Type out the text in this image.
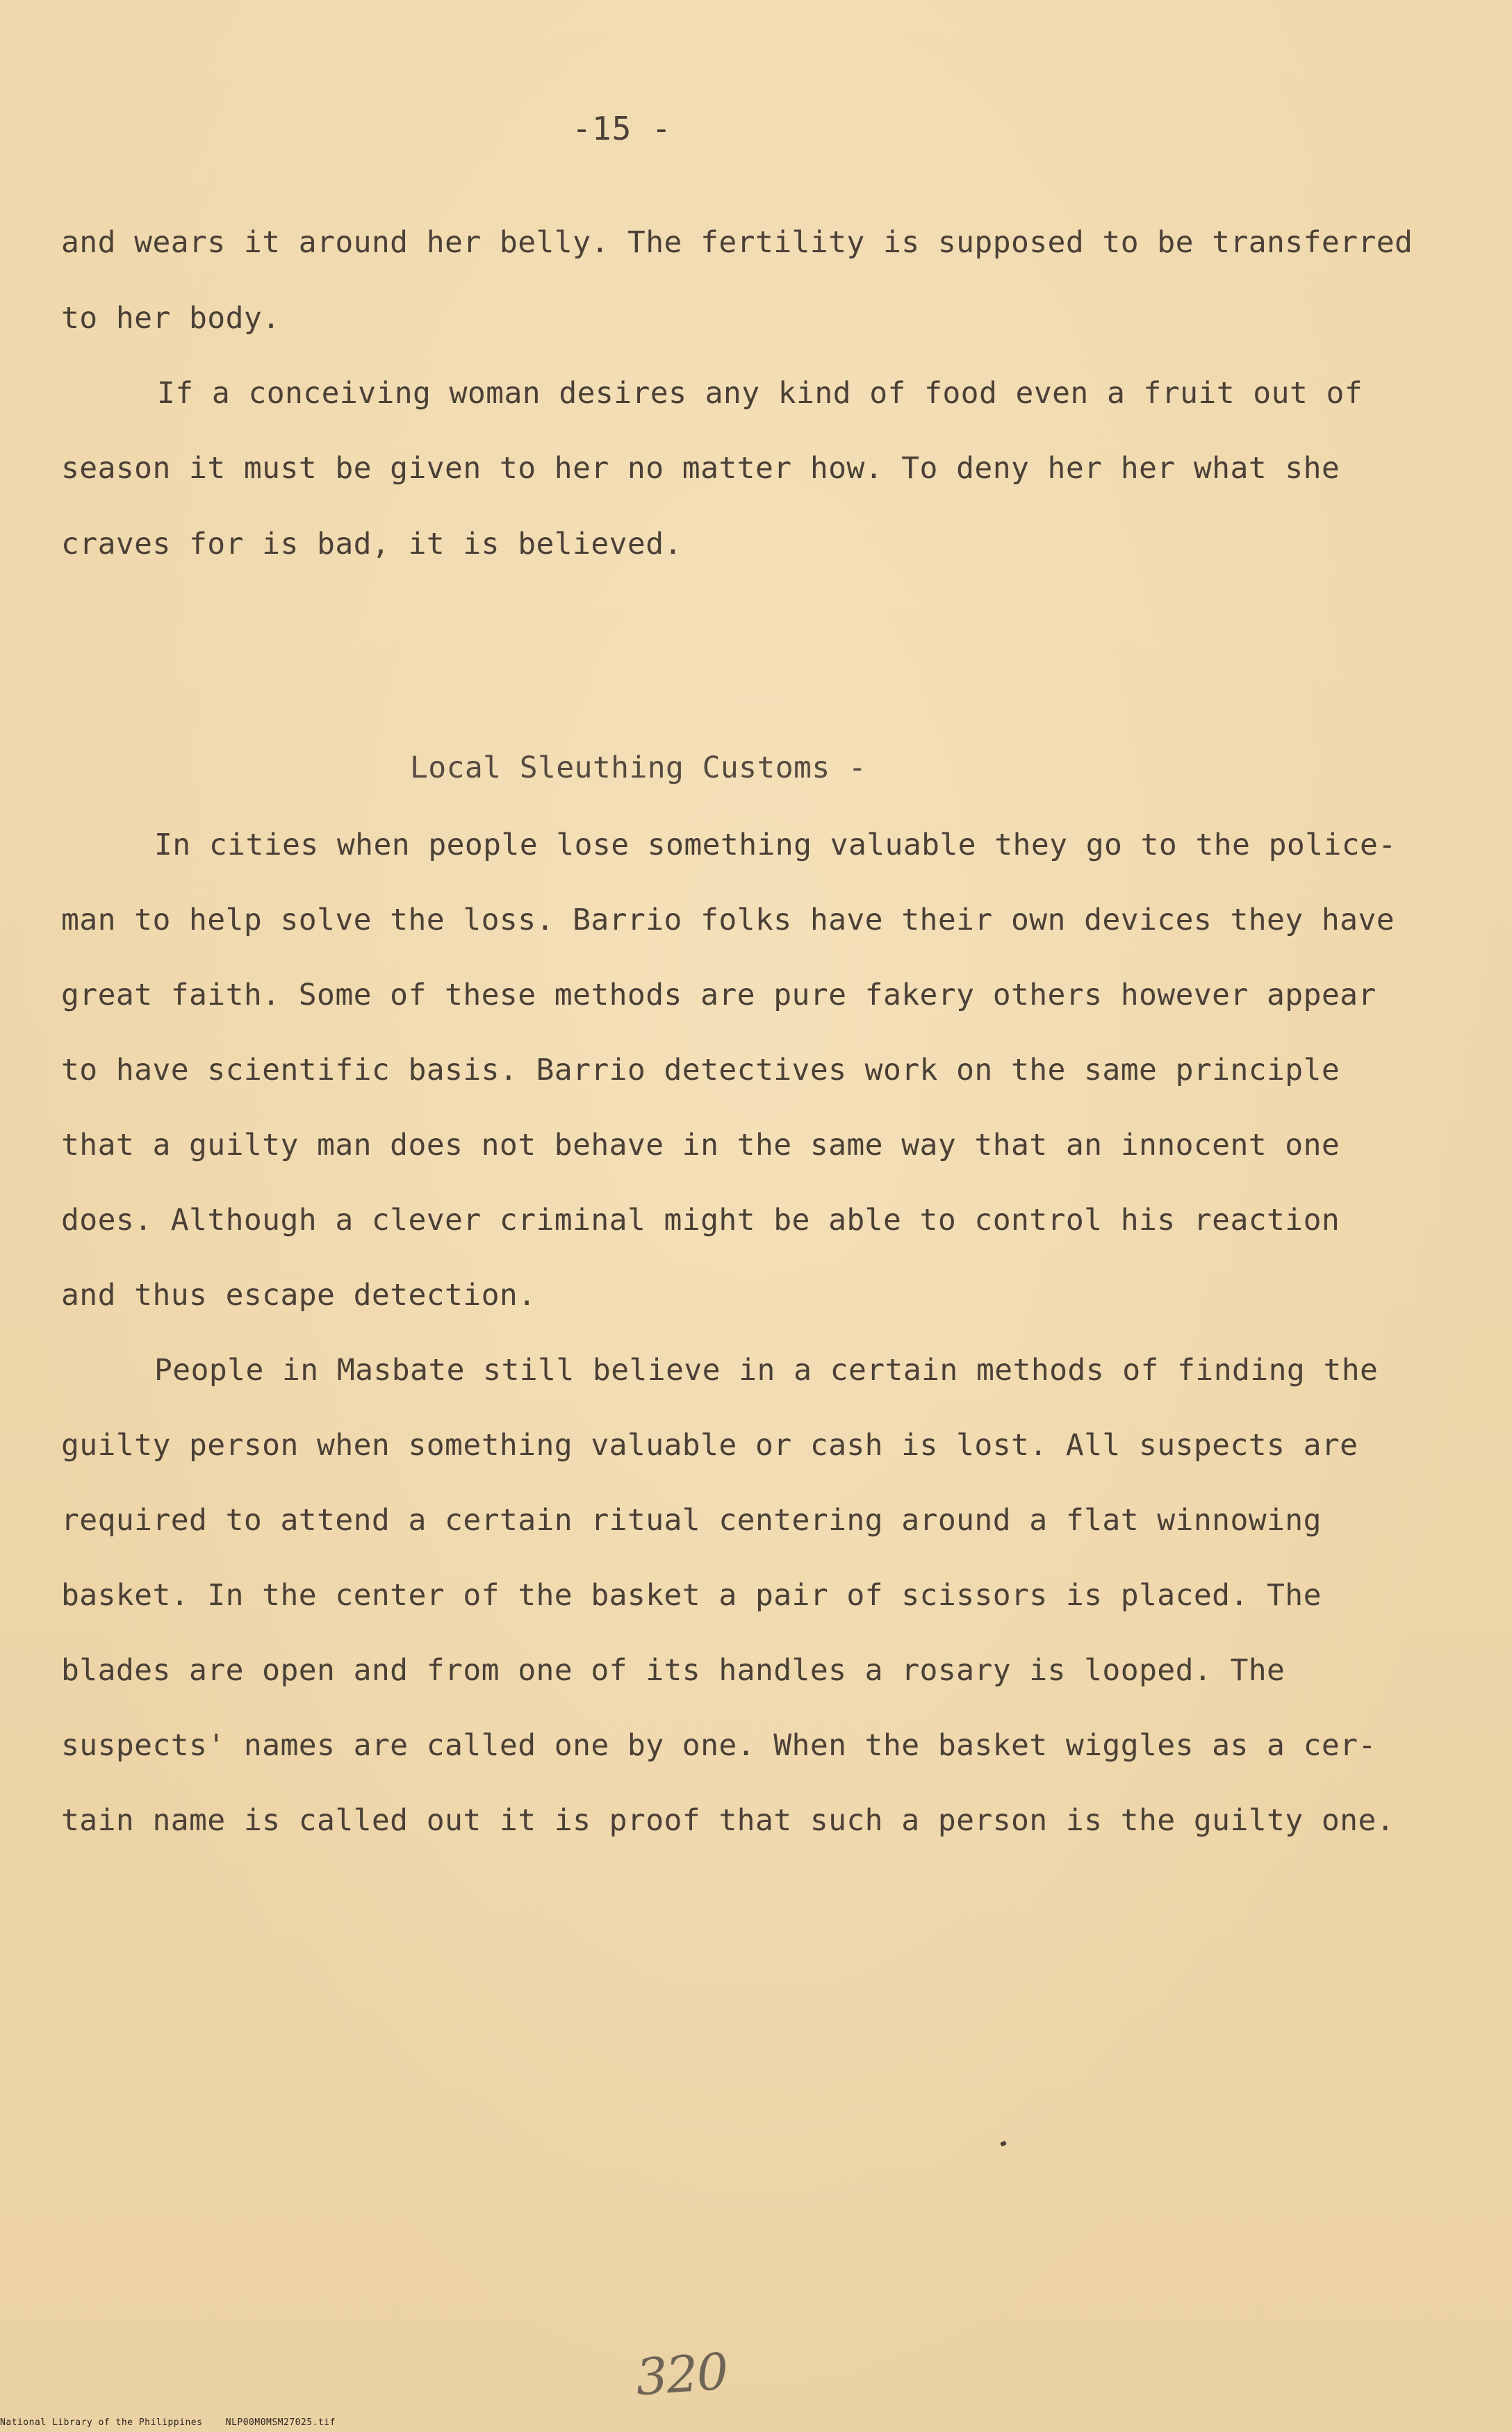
-15 -
and wears it around her belly. The fertility is supposed to be transferred
to her body.
If a conceiving woman desires any kind of food even a fruit out of
season it must be given to her no matter how. To deny her her what she
craves for is bad, it is believed.
Local Sleuthing Customs -
In cities when people lose something valuable they go to the police-
man to help solve the loss. Barrio folks have their own devices they have
great faith. Some of these methods are pure fakery others however appear
to have scientific basis. Barrio detectives work on the same principle
that a guilty man does not behave in the same way that an innocent one
does. Although a clever criminal might be able to control his reaction
and thus escape detection.
People in Masbate still believe in a certain methods of finding the
guilty person when something valuable or cash is lost. All suspects are
required to attend a certain ritual centering around a flat winnowing
basket. In the center of the basket a pair of scissors is placed. The
blades are open and from one of its handles a rosary is looped. The
suspects' names are called one by one. When the basket wiggles as a cer-
tain name is called out it is proof that such a person is the guilty one.
320
National Library of the Philippines    NLP00M0MSM27025.tif
